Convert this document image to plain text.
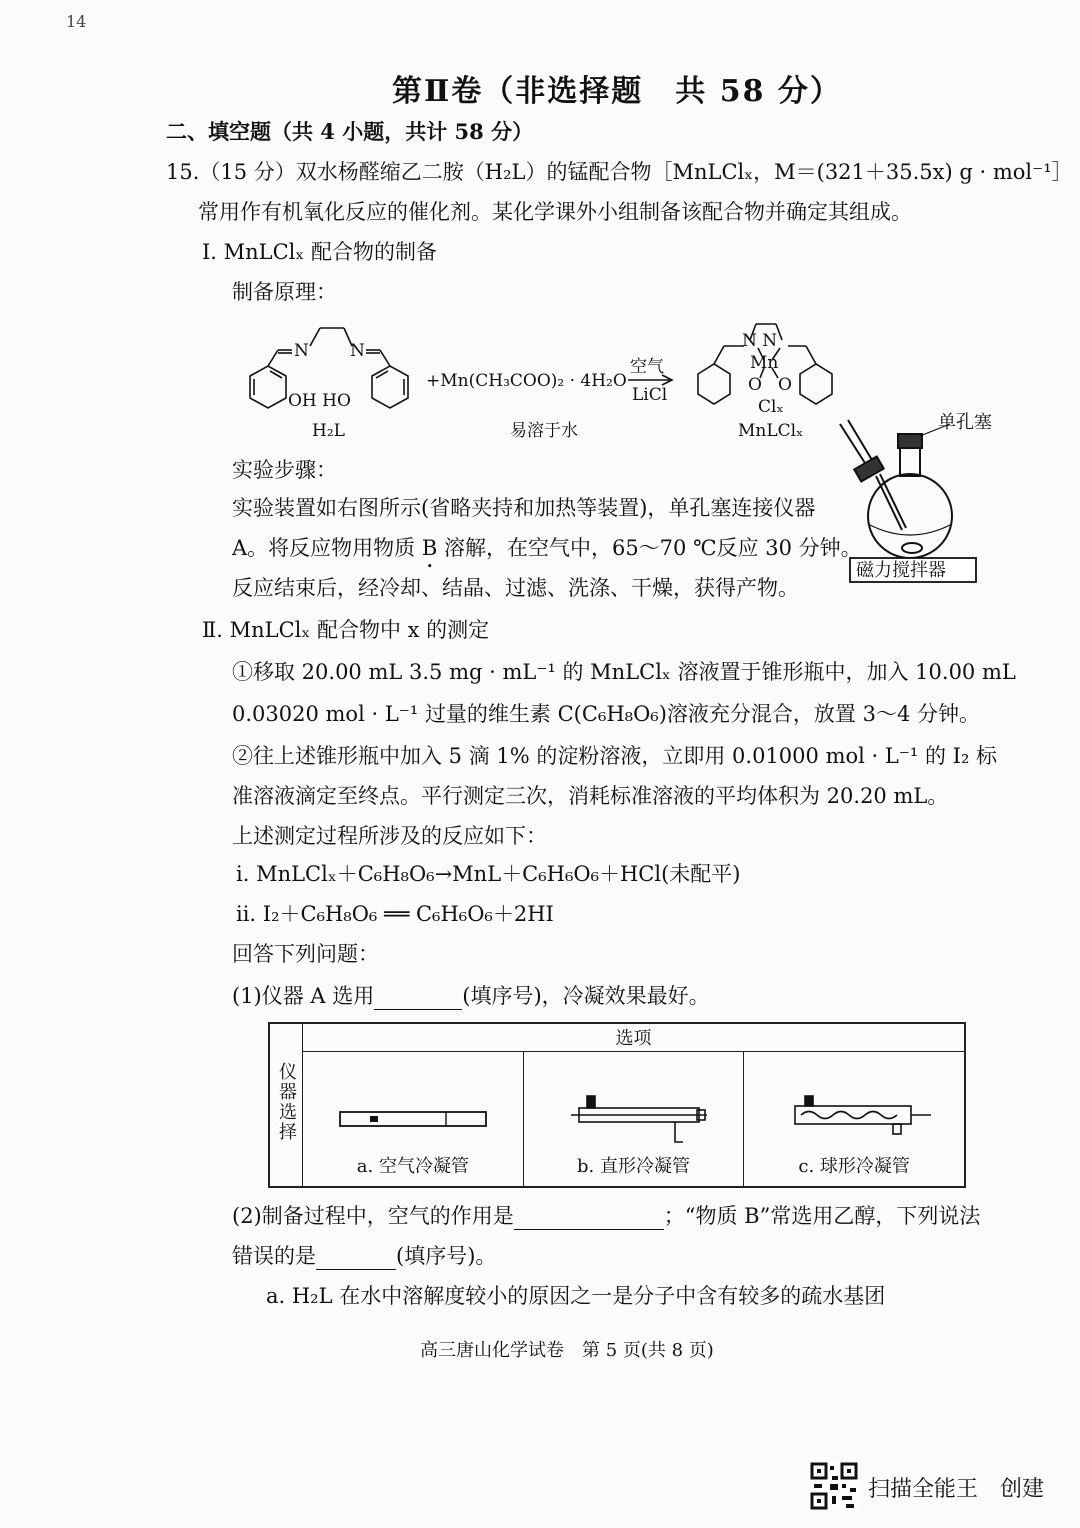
14
第Ⅱ卷（非选择题　共 58 分）
二、填空题（共 4 小题，共计 58 分）
15.（15 分）双水杨醛缩乙二胺（H₂L）的锰配合物［MnLClₓ，M＝(321＋35.5x) g · mol⁻¹］
常用作有机氧化反应的催化剂。某化学课外小组制备该配合物并确定其组成。
Ⅰ. MnLClₓ 配合物的制备
制备原理：
N N
OH HO
H₂L
+Mn(CH₃COO)₂ · 4H₂O
空气
LiCl
易溶于水
N N
Mn
O O
Clₓ
MnLClₓ
磁力搅拌器
单孔塞
实验步骤：
实验装置如右图所示(省略夹持和加热等装置)，单孔塞连接仪器
A。将反应物用物质 B 溶解，在空气中，65～70 ℃反应 30 分钟。
反应结束后，经冷却、结晶、过滤、洗涤、干燥，获得产物。
Ⅱ. MnLClₓ 配合物中 x 的测定
①移取 20.00 mL 3.5 mg · mL⁻¹ 的 MnLClₓ 溶液置于锥形瓶中，加入 10.00 mL
0.03020 mol · L⁻¹ 过量的维生素 C(C₆H₈O₆)溶液充分混合，放置 3～4 分钟。
②往上述锥形瓶中加入 5 滴 1% 的淀粉溶液，立即用 0.01000 mol · L⁻¹ 的 I₂ 标
准溶液滴定至终点。平行测定三次，消耗标准溶液的平均体积为 20.20 mL。
上述测定过程所涉及的反应如下：
ⅰ. MnLClₓ＋C₆H₈O₆→MnL＋C₆H₆O₆＋HCl(未配平)
ⅱ. I₂＋C₆H₈O₆ ══ C₆H₆O₆＋2HI
回答下列问题：
(1)仪器 A 选用	(填序号)，冷凝效果最好。
仪器选择	选项		

	a. 空气冷凝管	b. 直形冷凝管	c. 球形冷凝管
(2)制备过程中，空气的作用是	；“物质 B”常选用乙醇，下列说法
错误的是	(填序号)。
a. H₂L 在水中溶解度较小的原因之一是分子中含有较多的疏水基团
高三唐山化学试卷　第 5 页(共 8 页)
扫描全能王　创建
